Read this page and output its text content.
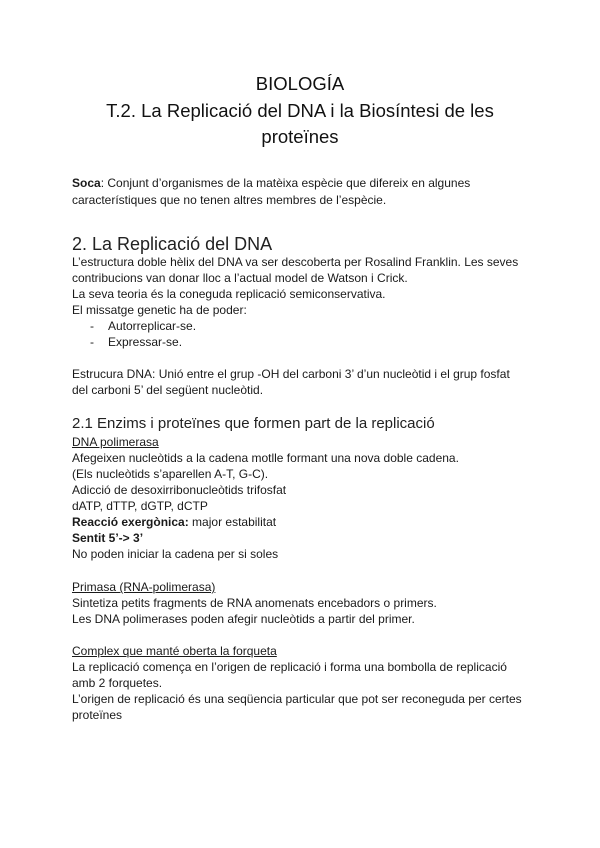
BIOLOGÍA
T.2. La Replicació del DNA i la Biosíntesi de les
proteïnes
Soca: Conjunt d’organismes de la matèixa espècie que difereix en algunes
característiques que no tenen altres membres de l’espècie.
2. La Replicació del DNA
L’estructura doble hèlix del DNA va ser descoberta per Rosalind Franklin. Les seves
contribucions van donar lloc a l’actual model de Watson i Crick.
La seva teoria és la coneguda replicació semiconservativa.
El missatge genetic ha de poder:
- Autorreplicar-se.
- Expressar-se.
Estrucura DNA: Unió entre el grup -OH del carboni 3’ d’un nucleòtid i el grup fosfat
del carboni 5’ del següent nucleòtid.
2.1 Enzims i proteïnes que formen part de la replicació
DNA polimerasa
Afegeixen nucleòtids a la cadena motlle formant una nova doble cadena.
(Els nucleòtids s’aparellen A-T, G-C).
Adicció de desoxirribonucleòtids trifosfat
dATP, dTTP, dGTP, dCTP
Reacció exergònica: major estabilitat
Sentit 5’-> 3’
No poden iniciar la cadena per si soles
Primasa (RNA-polimerasa)
Sintetiza petits fragments de RNA anomenats encebadors o primers.
Les DNA polimerases poden afegir nucleòtids a partir del primer.
Complex que manté oberta la forqueta
La replicació comença en l’origen de replicació i forma una bombolla de replicació
amb 2 forquetes.
L’origen de replicació és una seqüencia particular que pot ser reconeguda per certes
proteïnes
